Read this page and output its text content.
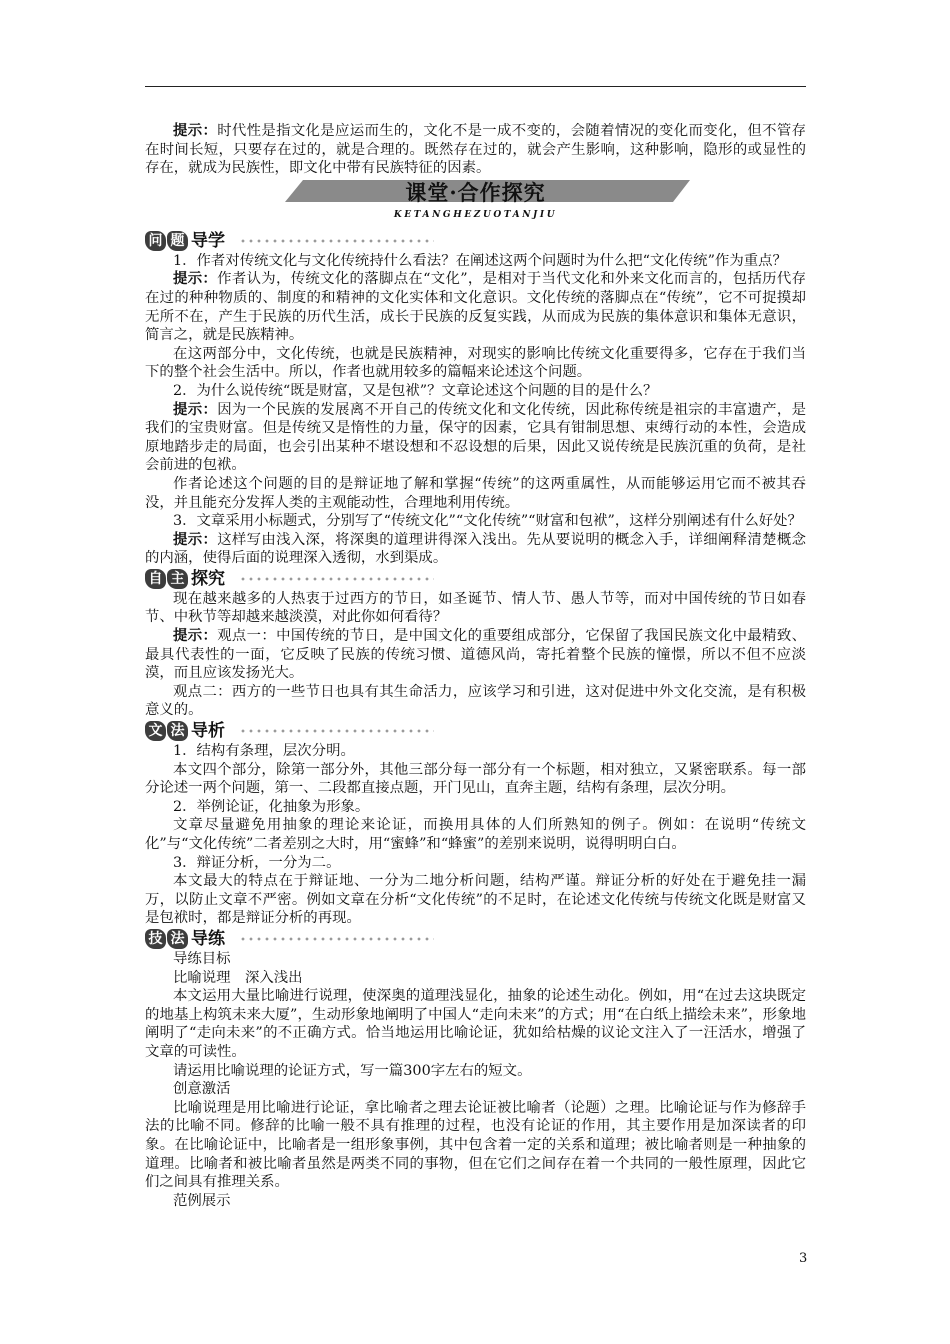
提示：时代性是指文化是应运而生的，文化不是一成不变的，会随着情况的变化而变化，但不管存在时间长短，只要存在过的，就是合理的。既然存在过的，就会产生影响，这种影响，隐形的或显性的存在，就成为民族性，即文化中带有民族特征的因素。

课堂·合作探究
KETANGHEZUOTANJIU
问 题 导学

1．作者对传统文化与文化传统持什么看法？在阐述这两个问题时为什么把“文化传统”作为重点？

提示：作者认为，传统文化的落脚点在“文化”，是相对于当代文化和外来文化而言的，包括历代存在过的种种物质的、制度的和精神的文化实体和文化意识。文化传统的落脚点在“传统”，它不可捉摸却无所不在，产生于民族的历代生活，成长于民族的反复实践，从而成为民族的集体意识和集体无意识，简言之，就是民族精神。

在这两部分中，文化传统，也就是民族精神，对现实的影响比传统文化重要得多，它存在于我们当下的整个社会生活中。所以，作者也就用较多的篇幅来论述这个问题。

2．为什么说传统“既是财富，又是包袱”？文章论述这个问题的目的是什么？

提示：因为一个民族的发展离不开自己的传统文化和文化传统，因此称传统是祖宗的丰富遗产，是我们的宝贵财富。但是传统又是惰性的力量，保守的因素，它具有钳制思想、束缚行动的本性，会造成原地踏步走的局面，也会引出某种不堪设想和不忍设想的后果，因此又说传统是民族沉重的负荷，是社会前进的包袱。

作者论述这个问题的目的是辩证地了解和掌握“传统”的这两重属性，从而能够运用它而不被其吞没，并且能充分发挥人类的主观能动性，合理地利用传统。

3．文章采用小标题式，分别写了“传统文化”“文化传统”“财富和包袱”，这样分别阐述有什么好处？

提示：这样写由浅入深，将深奥的道理讲得深入浅出。先从要说明的概念入手，详细阐释清楚概念的内涵，使得后面的说理深入透彻，水到渠成。

自 主 探究

现在越来越多的人热衷于过西方的节日，如圣诞节、情人节、愚人节等，而对中国传统的节日如春节、中秋节等却越来越淡漠，对此你如何看待？

提示：观点一：中国传统的节日，是中国文化的重要组成部分，它保留了我国民族文化中最精致、最具代表性的一面，它反映了民族的传统习惯、道德风尚，寄托着整个民族的憧憬，所以不但不应淡漠，而且应该发扬光大。

观点二：西方的一些节日也具有其生命活力，应该学习和引进，这对促进中外文化交流，是有积极意义的。

文 法 导析

1．结构有条理，层次分明。

本文四个部分，除第一部分外，其他三部分每一部分有一个标题，相对独立，又紧密联系。每一部分论述一两个问题，第一、二段都直接点题，开门见山，直奔主题，结构有条理，层次分明。

2．举例论证，化抽象为形象。

文章尽量避免用抽象的理论来论证，而换用具体的人们所熟知的例子。例如：在说明“传统文化”与“文化传统”二者差别之大时，用“蜜蜂”和“蜂蜜”的差别来说明，说得明明白白。

3．辩证分析，一分为二。

本文最大的特点在于辩证地、一分为二地分析问题，结构严谨。辩证分析的好处在于避免挂一漏万，以防止文章不严密。例如文章在分析“文化传统”的不足时，在论述文化传统与传统文化既是财富又是包袱时，都是辩证分析的再现。

技 法 导练

导练目标

比喻说理　深入浅出

本文运用大量比喻进行说理，使深奥的道理浅显化，抽象的论述生动化。例如，用“在过去这块既定的地基上构筑未来大厦”，生动形象地阐明了中国人“走向未来”的方式；用“在白纸上描绘未来”，形象地阐明了“走向未来”的不正确方式。恰当地运用比喻论证，犹如给枯燥的议论文注入了一汪活水，增强了文章的可读性。

请运用比喻说理的论证方式，写一篇300字左右的短文。

创意激活

比喻说理是用比喻进行论证，拿比喻者之理去论证被比喻者（论题）之理。比喻论证与作为修辞手法的比喻不同。修辞的比喻一般不具有推理的过程，也没有论证的作用，其主要作用是加深读者的印象。在比喻论证中，比喻者是一组形象事例，其中包含着一定的关系和道理；被比喻者则是一种抽象的道理。比喻者和被比喻者虽然是两类不同的事物，但在它们之间存在着一个共同的一般性原理，因此它们之间具有推理关系。

范例展示

3
